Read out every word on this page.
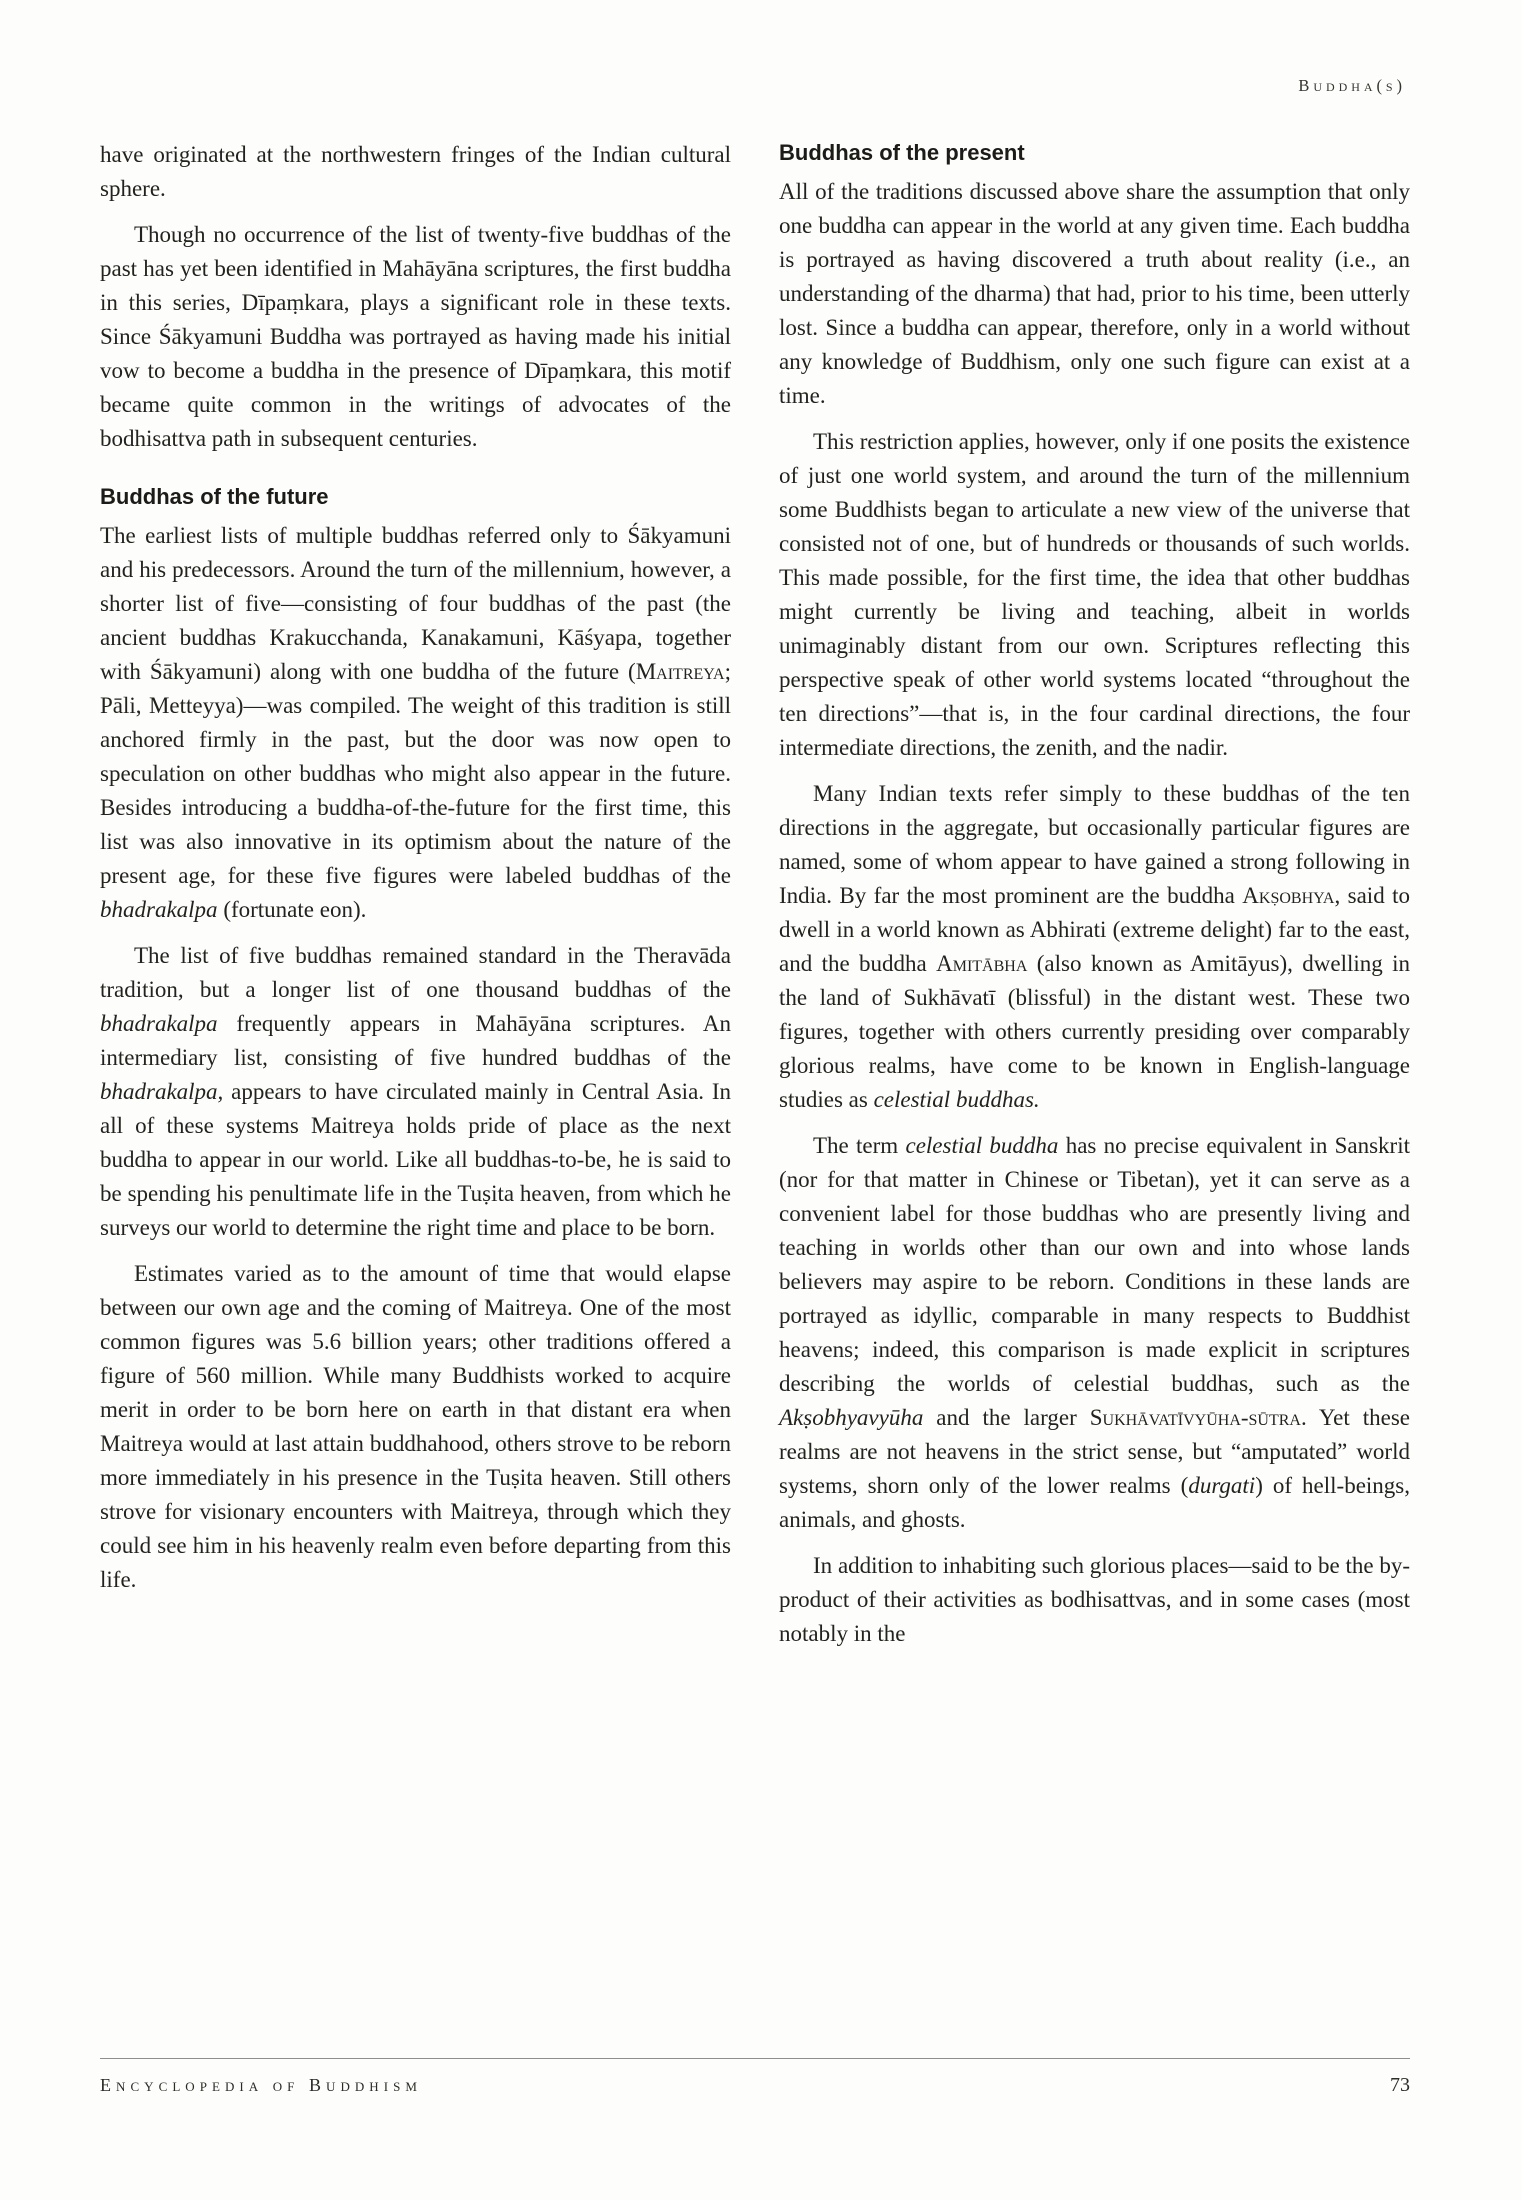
Buddha(s)

have originated at the northwestern fringes of the Indian cultural sphere.

Though no occurrence of the list of twenty-five buddhas of the past has yet been identified in Mahāyāna scriptures, the first buddha in this series, Dīpaṃkara, plays a significant role in these texts. Since Śākyamuni Buddha was portrayed as having made his initial vow to become a buddha in the presence of Dīpaṃkara, this motif became quite common in the writings of advocates of the bodhisattva path in subsequent centuries.

Buddhas of the future

The earliest lists of multiple buddhas referred only to Śākyamuni and his predecessors. Around the turn of the millennium, however, a shorter list of five—consisting of four buddhas of the past (the ancient buddhas Krakucchanda, Kanakamuni, Kāśyapa, together with Śākyamuni) along with one buddha of the future (Maitreya; Pāli, Metteyya)—was compiled. The weight of this tradition is still anchored firmly in the past, but the door was now open to speculation on other buddhas who might also appear in the future. Besides introducing a buddha-of-the-future for the first time, this list was also innovative in its optimism about the nature of the present age, for these five figures were labeled buddhas of the bhadrakalpa (fortunate eon).

The list of five buddhas remained standard in the Theravāda tradition, but a longer list of one thousand buddhas of the bhadrakalpa frequently appears in Mahāyāna scriptures. An intermediary list, consisting of five hundred buddhas of the bhadrakalpa, appears to have circulated mainly in Central Asia. In all of these systems Maitreya holds pride of place as the next buddha to appear in our world. Like all buddhas-to-be, he is said to be spending his penultimate life in the Tuṣita heaven, from which he surveys our world to determine the right time and place to be born.

Estimates varied as to the amount of time that would elapse between our own age and the coming of Maitreya. One of the most common figures was 5.6 billion years; other traditions offered a figure of 560 million. While many Buddhists worked to acquire merit in order to be born here on earth in that distant era when Maitreya would at last attain buddhahood, others strove to be reborn more immediately in his presence in the Tuṣita heaven. Still others strove for visionary encounters with Maitreya, through which they could see him in his heavenly realm even before departing from this life.

Buddhas of the present

All of the traditions discussed above share the assumption that only one buddha can appear in the world at any given time. Each buddha is portrayed as having discovered a truth about reality (i.e., an understanding of the dharma) that had, prior to his time, been utterly lost. Since a buddha can appear, therefore, only in a world without any knowledge of Buddhism, only one such figure can exist at a time.

This restriction applies, however, only if one posits the existence of just one world system, and around the turn of the millennium some Buddhists began to articulate a new view of the universe that consisted not of one, but of hundreds or thousands of such worlds. This made possible, for the first time, the idea that other buddhas might currently be living and teaching, albeit in worlds unimaginably distant from our own. Scriptures reflecting this perspective speak of other world systems located “throughout the ten directions”—that is, in the four cardinal directions, the four intermediate directions, the zenith, and the nadir.

Many Indian texts refer simply to these buddhas of the ten directions in the aggregate, but occasionally particular figures are named, some of whom appear to have gained a strong following in India. By far the most prominent are the buddha Akṣobhya, said to dwell in a world known as Abhirati (extreme delight) far to the east, and the buddha Amitābha (also known as Amitāyus), dwelling in the land of Sukhāvatī (blissful) in the distant west. These two figures, together with others currently presiding over comparably glorious realms, have come to be known in English-language studies as celestial buddhas.

The term celestial buddha has no precise equivalent in Sanskrit (nor for that matter in Chinese or Tibetan), yet it can serve as a convenient label for those buddhas who are presently living and teaching in worlds other than our own and into whose lands believers may aspire to be reborn. Conditions in these lands are portrayed as idyllic, comparable in many respects to Buddhist heavens; indeed, this comparison is made explicit in scriptures describing the worlds of celestial buddhas, such as the Akṣobhyavyūha and the larger Sukhāvatīvyūha-sūtra. Yet these realms are not heavens in the strict sense, but “amputated” world systems, shorn only of the lower realms (durgati) of hell-beings, animals, and ghosts.

In addition to inhabiting such glorious places—said to be the by-product of their activities as bodhisattvas, and in some cases (most notably in the

Encyclopedia of Buddhism	73
